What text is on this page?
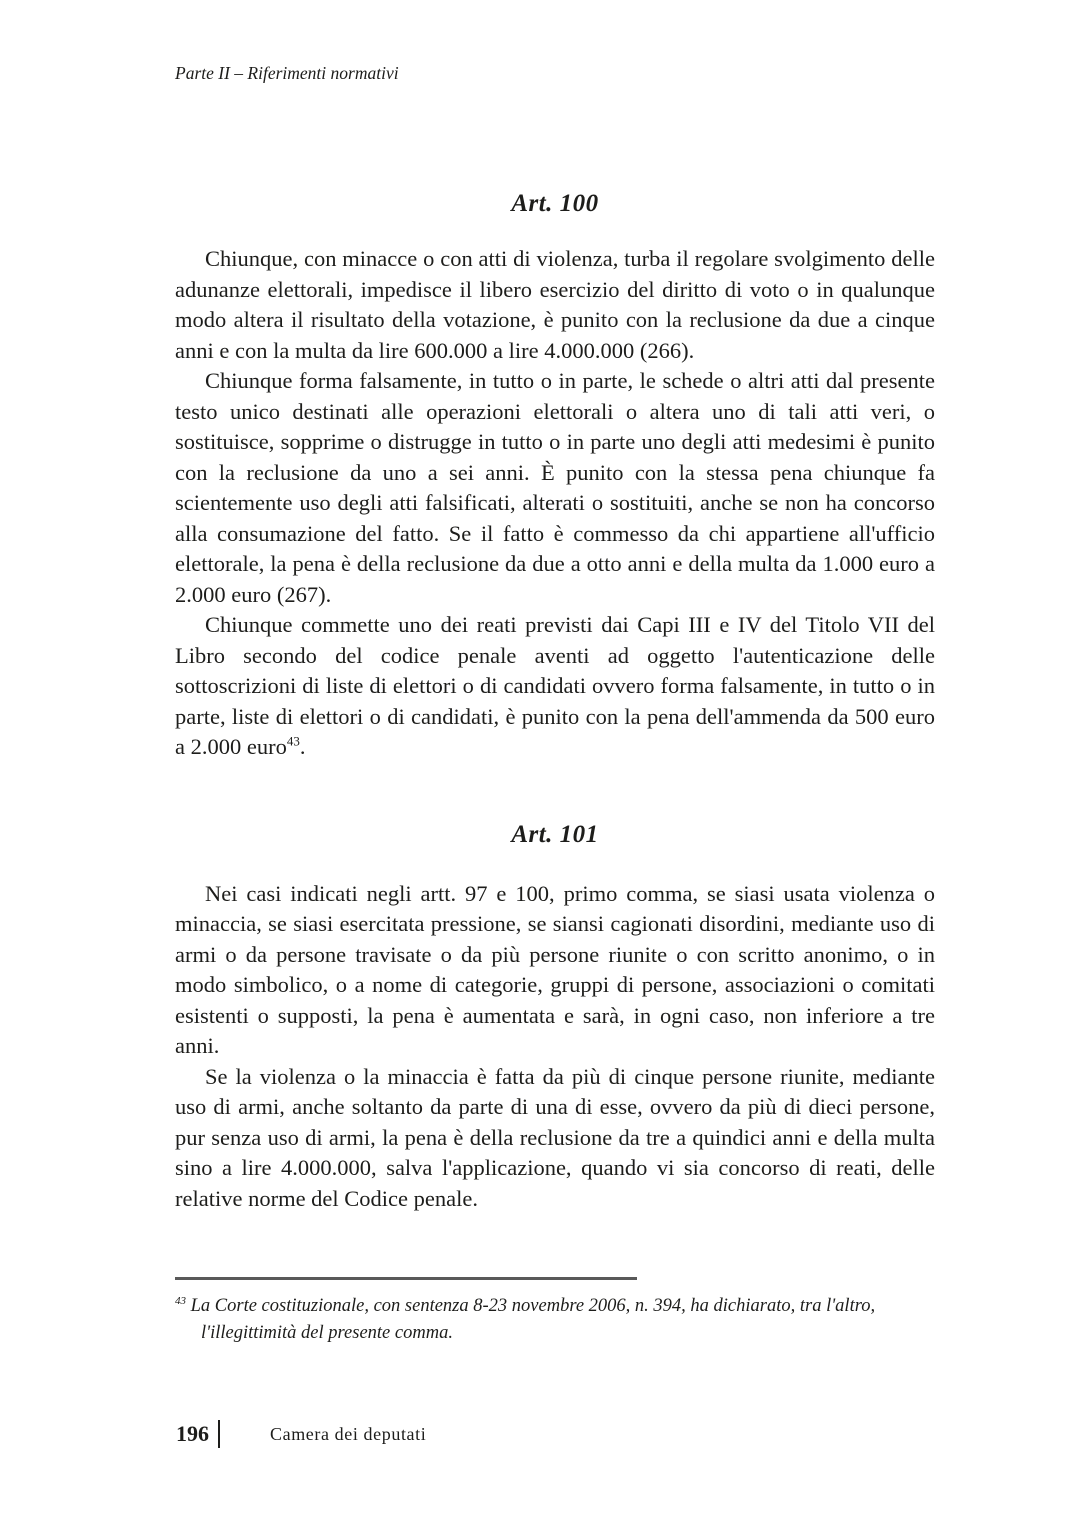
Parte II – Riferimenti normativi
Art. 100

Chiunque, con minacce o con atti di violenza, turba il regolare svolgimento delle adunanze elettorali, impedisce il libero esercizio del diritto di voto o in qualunque modo altera il risultato della votazione, è punito con la reclusione da due a cinque anni e con la multa da lire 600.000 a lire 4.000.000 (266).

Chiunque forma falsamente, in tutto o in parte, le schede o altri atti dal presente testo unico destinati alle operazioni elettorali o altera uno di tali atti veri, o sostituisce, sopprime o distrugge in tutto o in parte uno degli atti medesimi è punito con la reclusione da uno a sei anni. È punito con la stessa pena chiunque fa scientemente uso degli atti falsificati, alterati o sostituiti, anche se non ha concorso alla consumazione del fatto. Se il fatto è commesso da chi appartiene all'ufficio elettorale, la pena è della reclusione da due a otto anni e della multa da 1.000 euro a 2.000 euro (267).

Chiunque commette uno dei reati previsti dai Capi III e IV del Titolo VII del Libro secondo del codice penale aventi ad oggetto l'autenticazione delle sottoscrizioni di liste di elettori o di candidati ovvero forma falsamente, in tutto o in parte, liste di elettori o di candidati, è punito con la pena dell'ammenda da 500 euro a 2.000 euro$^{43}$.

Art. 101

Nei casi indicati negli artt. 97 e 100, primo comma, se siasi usata violenza o minaccia, se siasi esercitata pressione, se siansi cagionati disordini, mediante uso di armi o da persone travisate o da più persone riunite o con scritto anonimo, o in modo simbolico, o a nome di categorie, gruppi di persone, associazioni o comitati esistenti o supposti, la pena è aumentata e sarà, in ogni caso, non inferiore a tre anni.

Se la violenza o la minaccia è fatta da più di cinque persone riunite, mediante uso di armi, anche soltanto da parte di una di esse, ovvero da più di dieci persone, pur senza uso di armi, la pena è della reclusione da tre a quindici anni e della multa sino a lire 4.000.000, salva l'applicazione, quando vi sia concorso di reati, delle relative norme del Codice penale.

$^{43}$ La Corte costituzionale, con sentenza 8-23 novembre 2006, n. 394, ha dichiarato, tra l'altro, l'illegittimità del presente comma.
196	Camera dei deputati
